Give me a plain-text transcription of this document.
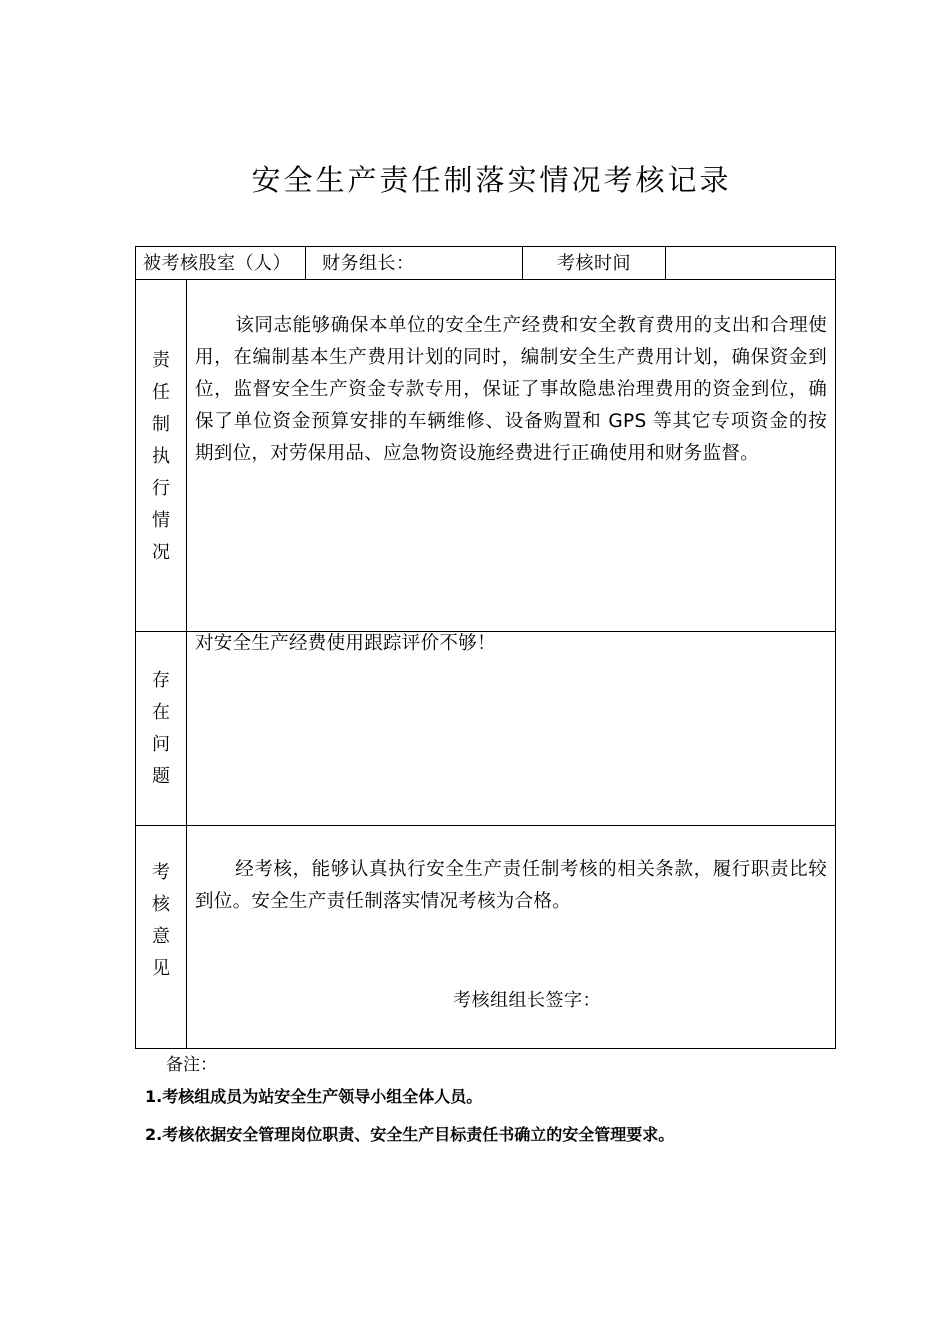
安全生产责任制落实情况考核记录
被考核股室（人） 财务组长：	考核时间
责
任
制
执
行
情
况
该同志能够确保本单位的安全生产经费和安全教育费用的支出和合理使用，在编制基本生产费用计划的同时，编制安全生产费用计划，确保资金到位，监督安全生产资金专款专用，保证了事故隐患治理费用的资金到位，确保了单位资金预算安排的车辆维修、设备购置和 GPS 等其它专项资金的按期到位，对劳保用品、应急物资设施经费进行正确使用和财务监督。
存
在
问
题
对安全生产经费使用跟踪评价不够！
考
核
意
见
经考核，能够认真执行安全生产责任制考核的相关条款，履行职责比较到位。安全生产责任制落实情况考核为合格。
考核组组长签字：
备注：
1.考核组成员为站安全生产领导小组全体人员。
2.考核依据安全管理岗位职责、安全生产目标责任书确立的安全管理要求。
